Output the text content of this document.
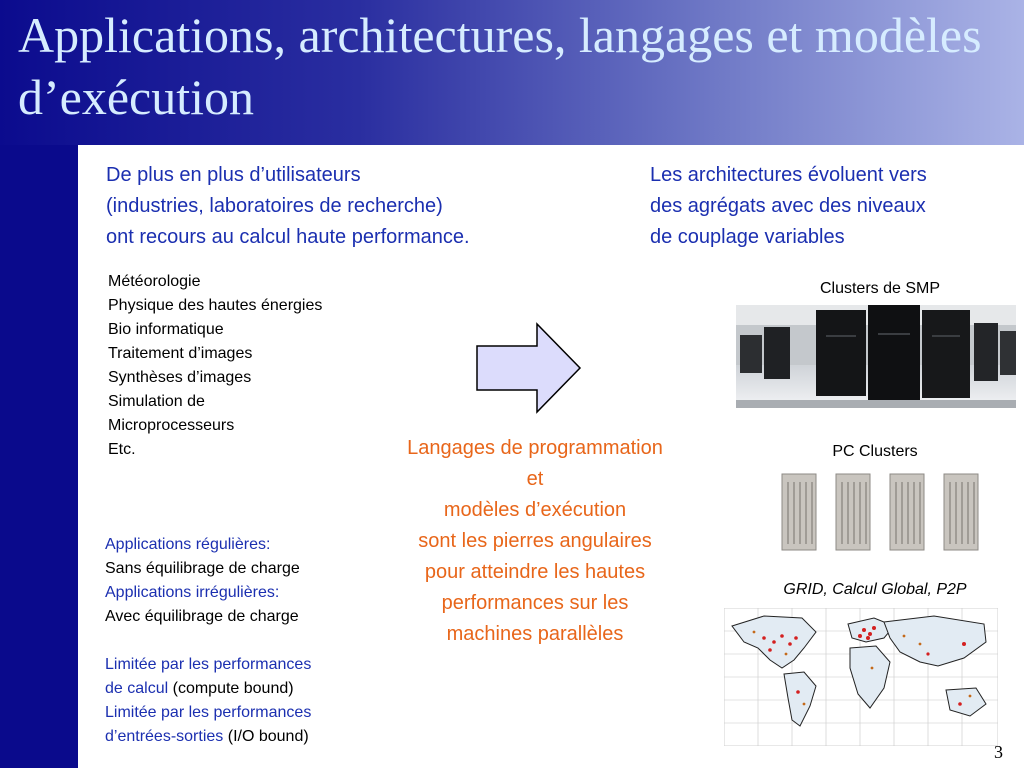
Applications, architectures, langages et modèles d’exécution

De plus en plus d’utilisateurs
(industries, laboratoires de recherche)
ont recours au calcul haute performance.

Les architectures évoluent vers
des agrégats avec des niveaux
de couplage variables

Météorologie
Physique des hautes énergies
Bio informatique
Traitement d’images
Synthèses d’images
Simulation de
Microprocesseurs
Etc.	Langages de programmation
et
modèles d’exécution
sont les pierres angulaires
pour atteindre les hautes
performances sur les
machines parallèles

Applications régulières:
Sans équilibrage de charge
Applications irrégulières:
Avec équilibrage de charge
Limitée par les performances
de calcul (compute bound)
Limitée par les performances
d’entrées-sorties (I/O bound)
Clusters de SMP
PC Clusters
GRID, Calcul Global, P2P
3
